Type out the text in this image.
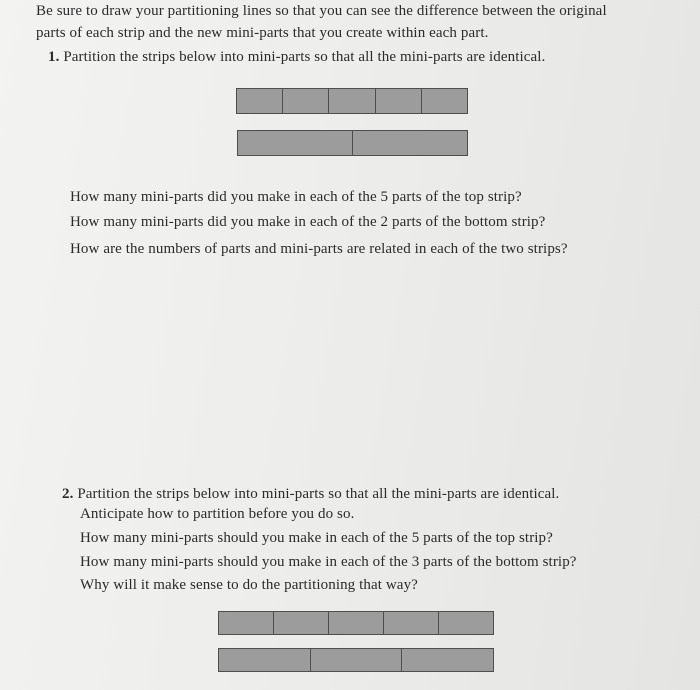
Be sure to draw your partitioning lines so that you can see the difference between the original
parts of each strip and the new mini-parts that you create within each part.
1. Partition the strips below into mini-parts so that all the mini-parts are identical.
How many mini-parts did you make in each of the 5 parts of the top strip?
How many mini-parts did you make in each of the 2 parts of the bottom strip?
How are the numbers of parts and mini-parts are related in each of the two strips?
2. Partition the strips below into mini-parts so that all the mini-parts are identical.
Anticipate how to partition before you do so.
How many mini-parts should you make in each of the 5 parts of the top strip?
How many mini-parts should you make in each of the 3 parts of the bottom strip?
Why will it make sense to do the partitioning that way?
